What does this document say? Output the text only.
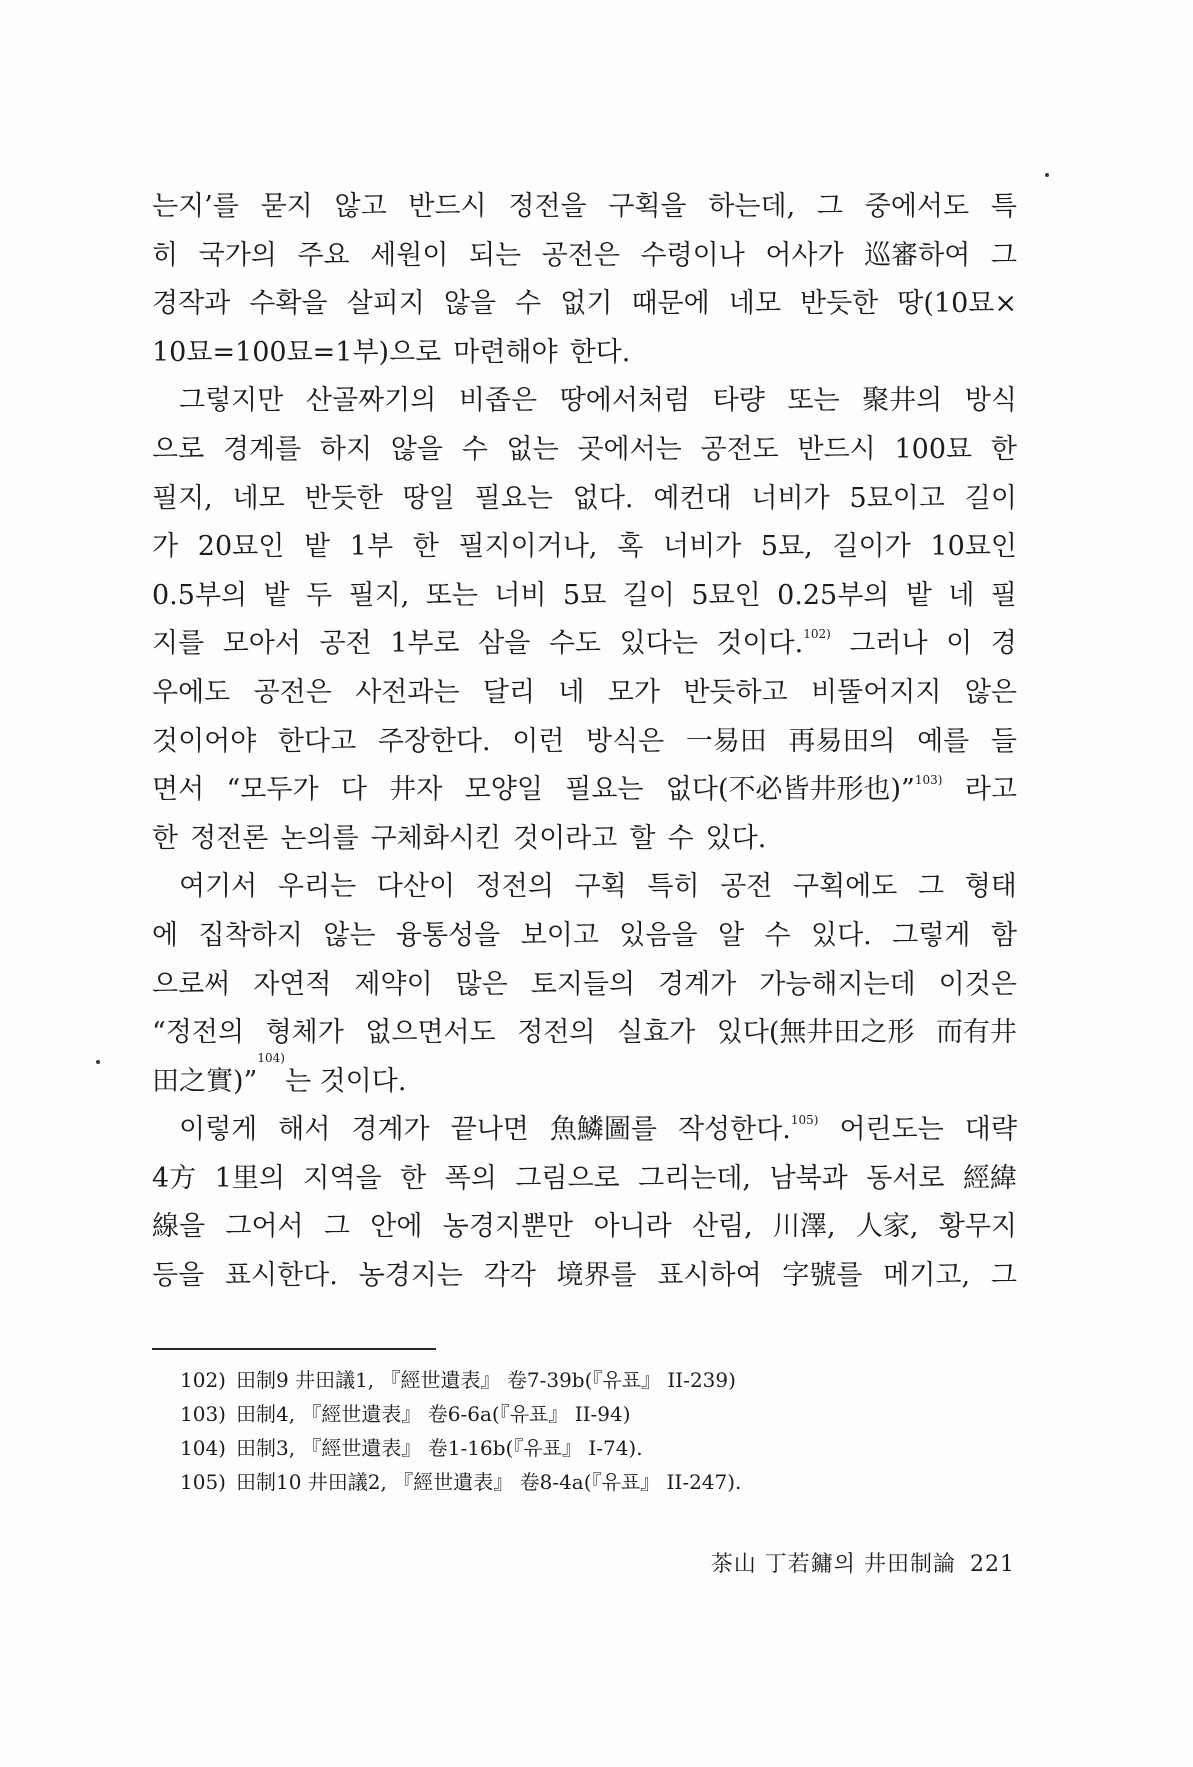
는지’를 묻지 않고 반드시 정전을 구획을 하는데, 그 중에서도 특
히 국가의 주요 세원이 되는 공전은 수령이나 어사가 巡審하여 그
경작과 수확을 살피지 않을 수 없기 때문에 네모 반듯한 땅(10묘×
10묘=100묘=1부)으로 마련해야 한다.
그렇지만 산골짜기의 비좁은 땅에서처럼 타량 또는 聚井의 방식
으로 경계를 하지 않을 수 없는 곳에서는 공전도 반드시 100묘 한
필지, 네모 반듯한 땅일 필요는 없다. 예컨대 너비가 5묘이고 길이
가 20묘인 밭 1부 한 필지이거나, 혹 너비가 5묘, 길이가 10묘인
0.5부의 밭 두 필지, 또는 너비 5묘 길이 5묘인 0.25부의 밭 네 필
지를 모아서 공전 1부로 삼을 수도 있다는 것이다.$^{102)}$ 그러나 이 경
우에도 공전은 사전과는 달리 네 모가 반듯하고 비뚤어지지 않은
것이어야 한다고 주장한다. 이런 방식은 一易田 再易田의 예를 들
면서 “모두가 다 井자 모양일 필요는 없다(不必皆井形也)”$^{103)}$ 라고
한 정전론 논의를 구체화시킨 것이라고 할 수 있다.
여기서 우리는 다산이 정전의 구획 특히 공전 구획에도 그 형태
에 집착하지 않는 융통성을 보이고 있음을 알 수 있다. 그렇게 함
으로써 자연적 제약이 많은 토지들의 경계가 가능해지는데 이것은
“정전의 형체가 없으면서도 정전의 실효가 있다(無井田之形 而有井
田之實)”
104)
는 것이다.
이렇게 해서 경계가 끝나면 魚鱗圖를 작성한다.$^{105)}$ 어린도는 대략
4方 1里의 지역을 한 폭의 그림으로 그리는데, 남북과 동서로 經緯
線을 그어서 그 안에 농경지뿐만 아니라 산림, 川澤, 人家, 황무지
등을 표시한다. 농경지는 각각 境界를 표시하여 字號를 메기고, 그
102) 田制9 井田議1, 『經世遺表』 卷7-39b(『유표』 II-239)
103) 田制4, 『經世遺表』 卷6-6a(『유표』 II-94)
104) 田制3, 『經世遺表』 卷1-16b(『유표』 I-74).
105) 田制10 井田議2, 『經世遺表』 卷8-4a(『유표』 II-247).
茶山 丁若鏞의 井田制論 221
